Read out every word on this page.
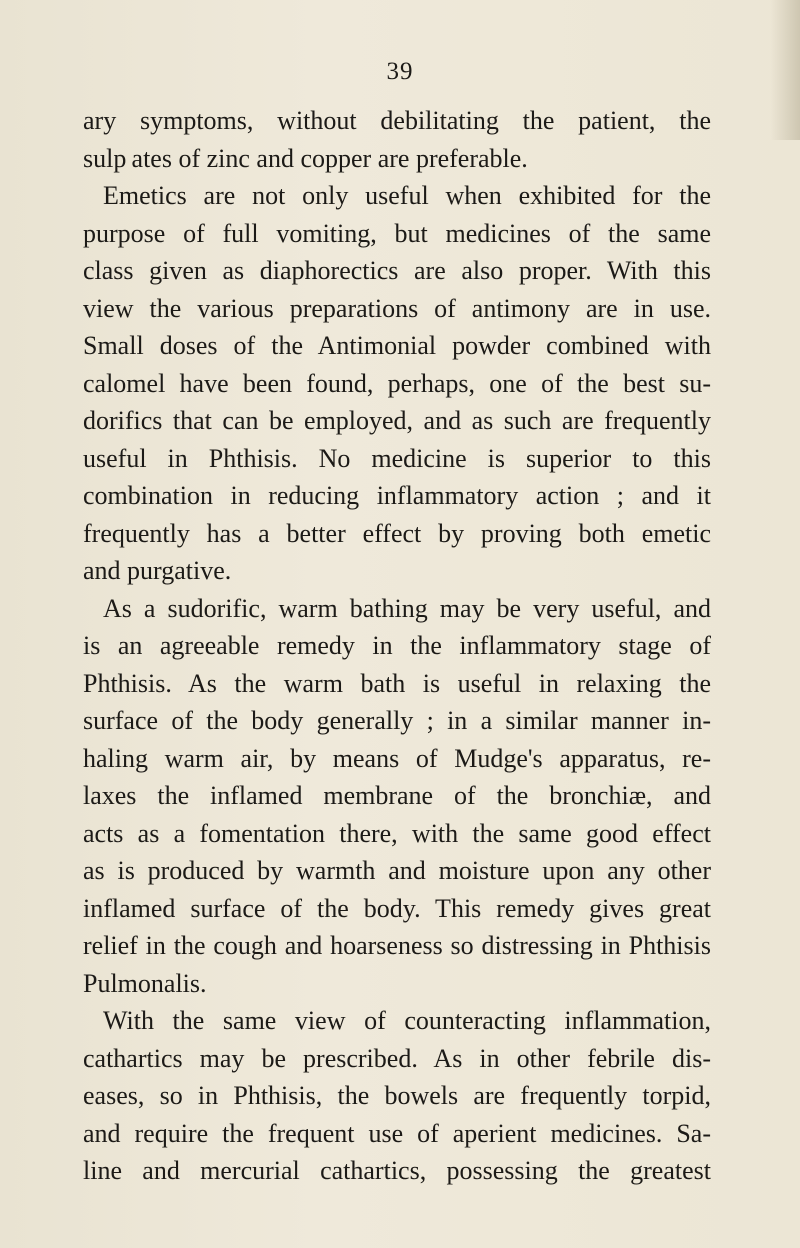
39
ary symptoms, without debilitating the patient, the
sulp ates of zinc and copper are preferable.
Emetics are not only useful when exhibited for the
purpose of full vomiting, but medicines of the same
class given as diaphorectics are also proper. With this
view the various preparations of antimony are in use.
Small doses of the Antimonial powder combined with
calomel have been found, perhaps, one of the best su-
dorifics that can be employed, and as such are frequently
useful in Phthisis. No medicine is superior to this
combination in reducing inflammatory action ; and it
frequently has a better effect by proving both emetic
and purgative.
As a sudorific, warm bathing may be very useful, and
is an agreeable remedy in the inflammatory stage of
Phthisis. As the warm bath is useful in relaxing the
surface of the body generally ; in a similar manner in-
haling warm air, by means of Mudge's apparatus, re-
laxes the inflamed membrane of the bronchiæ, and
acts as a fomentation there, with the same good effect
as is produced by warmth and moisture upon any other
inflamed surface of the body. This remedy gives great
relief in the cough and hoarseness so distressing in Phthisis
Pulmonalis.
With the same view of counteracting inflammation,
cathartics may be prescribed. As in other febrile dis-
eases, so in Phthisis, the bowels are frequently torpid,
and require the frequent use of aperient medicines. Sa-
line and mercurial cathartics, possessing the greatest
